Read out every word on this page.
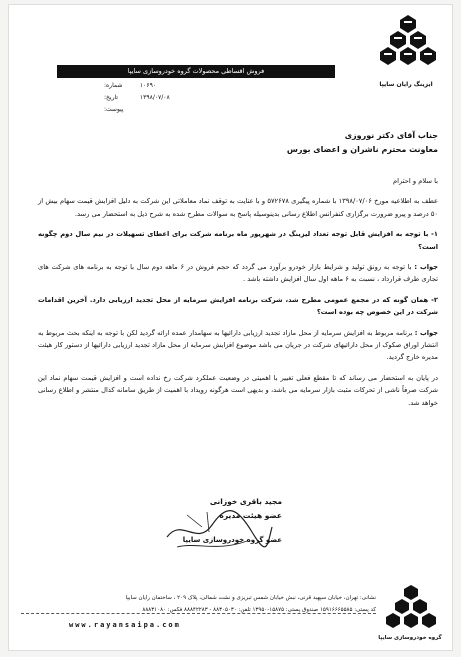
ایزینگ رایان سایپا
فروش اقساطی محصولات گروه خودروسازی سایپا
۱۰۶۹۰ شماره:
۱۳۹۸/۰۷/۰۸ تاریخ:
پیوست:
جناب آقای دکتر نوروزی
معاونت محترم ناشران و اعضای بورس

با سلام و احترام

عطف به اطلاعیه مورخ ۱۳۹۸/۰۷/۰۶ با شماره پیگیری ۵۷۲۶۷۸ و با عنایت به توقف نماد معاملاتی این شرکت به دلیل افزایش قیمت سهام بیش از ۵۰ درصد و پیرو ضرورت برگزاری کنفرانس اطلاع رسانی بدینوسیله پاسخ به سوالات مطرح شده به شرح ذیل به استحضار می رسد.

۱- با توجه به افزایش قابل توجه تعداد لیزینگ در شهریور ماه برنامه شرکت برای اعطای تسهیلات در نیم سال دوم چگونه است؟

جواب : با توجه به رونق تولید و شرایط بازار خودرو برآورد می گردد که حجم فروش در ۶ ماهه دوم سال با توجه به برنامه های شرکت های تجاری طرف قرارداد ، نسبت به ۶ ماهه اول سال افزایش داشته باشد .

۲- همان گونه که در مجمع عمومی مطرح شد، شرکت برنامه افزایش سرمایه از محل تجدید ارزیابی دارد. آخرین اقدامات شرکت در این خصوص چه بوده است؟

جواب : برنامه مربوط به افزایش سرمایه از محل مازاد تجدید ارزیابی دارائیها به سهامدار عمده ارائه گردید لکن با توجه به اینکه بحث مربوط به انتشار اوراق صکوک از محل دارائیهای شرکت در جریان می باشد موضوع افزایش سرمایه از محل مازاد تجدید ارزیابی دارائیها از دستور کار هیئت مدیره خارج گردید.

در پایان به استحضار می رساند که تا مقطع فعلی تغییر با اهمیتی در وضعیت عملکرد شرکت رخ نداده است و افزایش قیمت سهام نماد این شرکت صرفاً ناشی از تحرکات مثبت بازار سرمایه می باشد، و بدیهی است هرگونه رویداد با اهمیت از طریق سامانه کدال منتشر و اطلاع رسانی خواهد شد.

مجید باقری خوزانی
عضو هیئت مدیره
عضو گروه خودروسازی سایپا
نشانی: تهران، خیابان سپهبد قرنی، نبش خیابان شمس تبریزی و نشت شمالی، پلاک ۲۰۹ ، ساختمان رایان سایپا
کد پستی: ۱۵۹۱۶۶۶۵۵۸۵ صندوق پستی: ۱۵۸۷۵-۱۳۹۵۰ تلفن: ۸۸۳۰۵۰۳۰ - ۸۸۸۴۲۲۸۳ فکس: ۸۸۸۳۱۰۸۰
www.rayansaipa.com
گروه خودروسازی سایپا
